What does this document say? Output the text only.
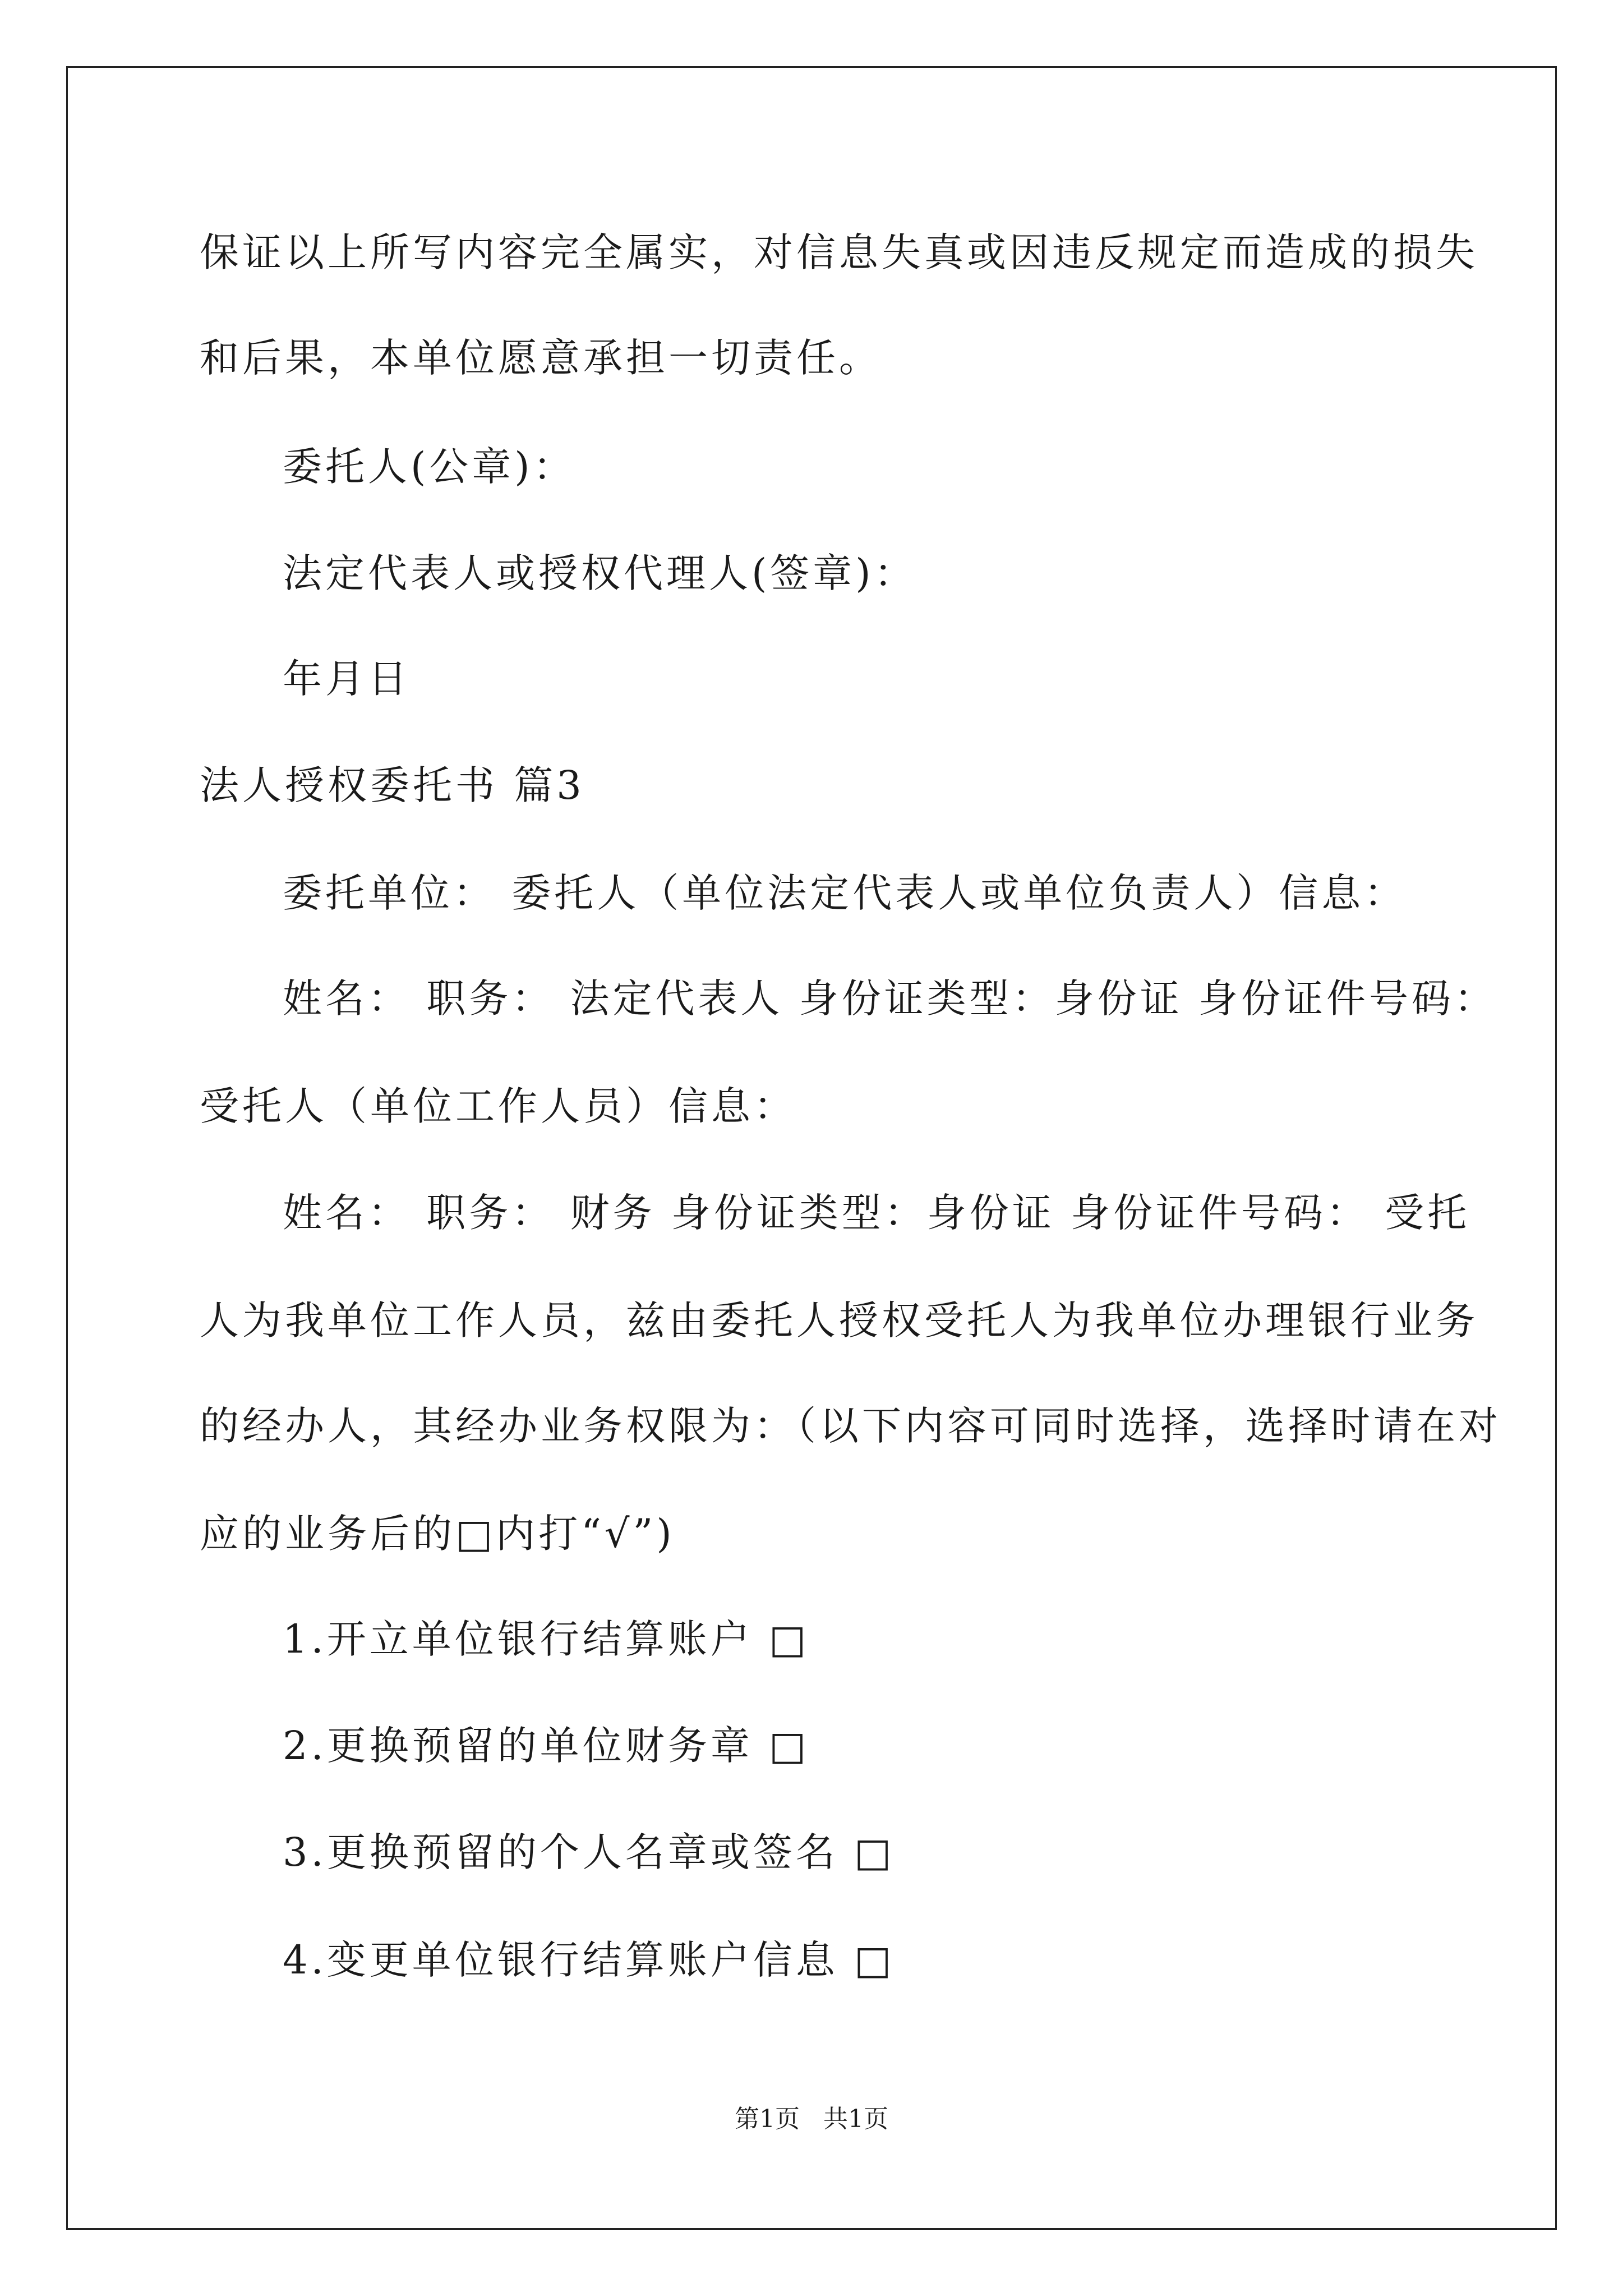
保证以上所写内容完全属实，对信息失真或因违反规定而造成的损失
和后果，本单位愿意承担一切责任。
委托人(公章)：
法定代表人或授权代理人(签章)：
年月日
法人授权委托书 篇3
委托单位： 委托人（单位法定代表人或单位负责人）信息：
姓名： 职务： 法定代表人 身份证类型：身份证 身份证件号码：
受托人（单位工作人员）信息：
姓名： 职务： 财务 身份证类型：身份证 身份证件号码： 受托
人为我单位工作人员，兹由委托人授权受托人为我单位办理银行业务
的经办人，其经办业务权限为：（以下内容可同时选择，选择时请在对
应的业务后的□内打“√”)
1.开立单位银行结算账户 □
2.更换预留的单位财务章 □
3.更换预留的个人名章或签名 □
4.变更单位银行结算账户信息 □
第1页   共1页
